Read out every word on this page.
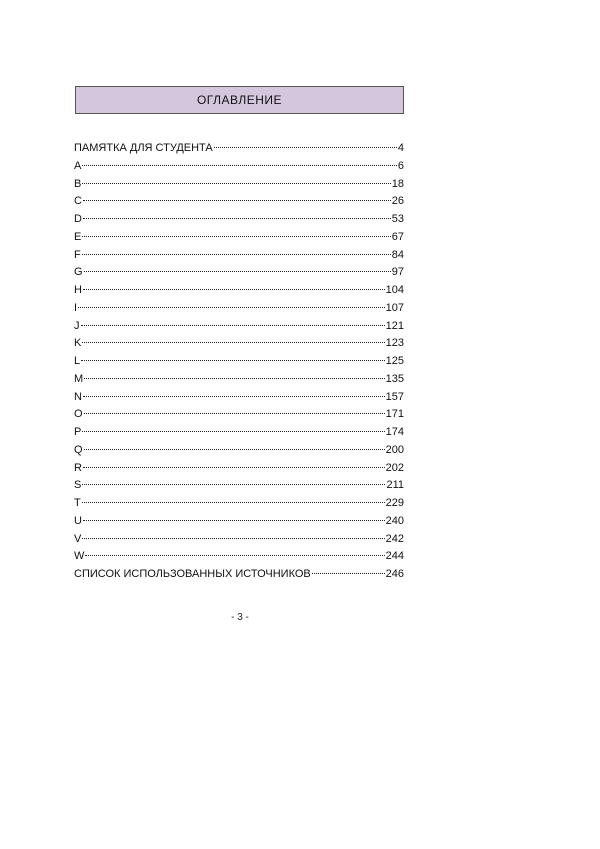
ОГЛАВЛЕНИЕ
ПАМЯТКА ДЛЯ СТУДЕНТА	4
A	6
B	18
C	26
D	53
E	67
F	84
G	97
H	104
I	107
J	121
K	123
L	125
M	135
N	157
O	171
P	174
Q	200
R	202
S	211
T	229
U	240
V	242
W	244
СПИСОК ИСПОЛЬЗОВАННЫХ ИСТОЧНИКОВ	246
- 3 -
